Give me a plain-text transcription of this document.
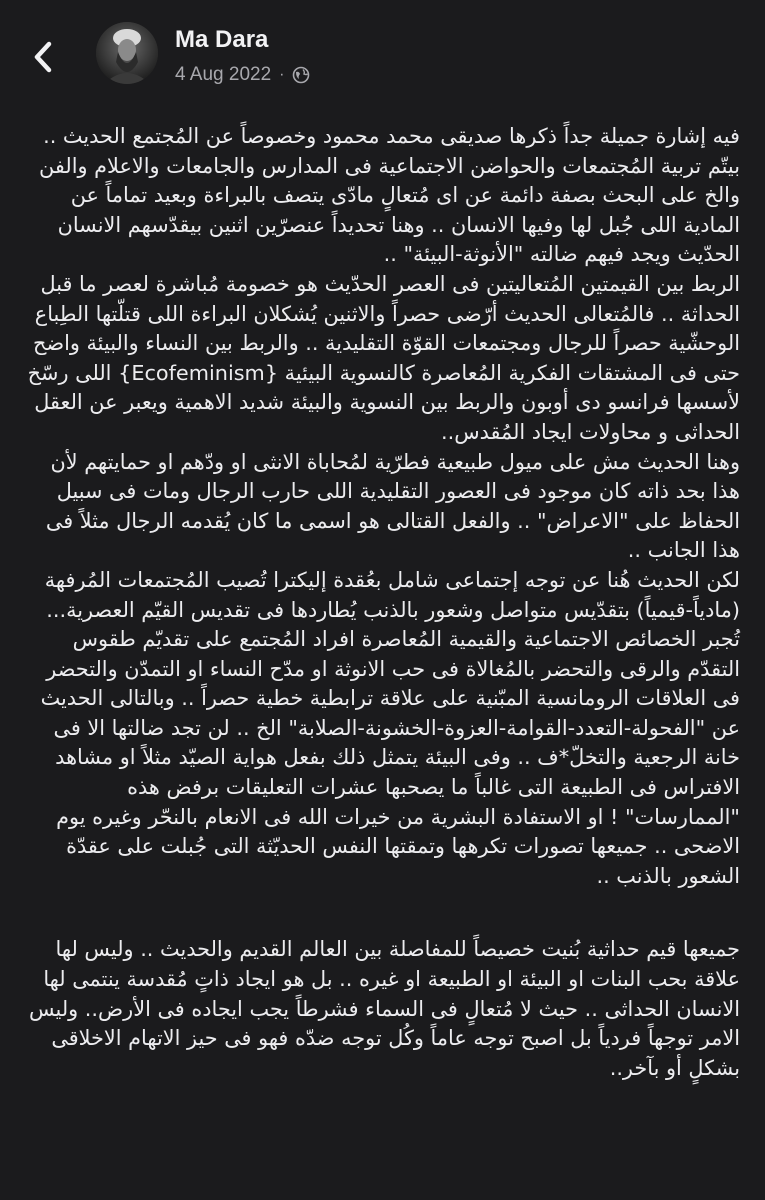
Ma Dara
4 Aug 2022 ·

فيه إشارة جميلة جداً ذكرها صديقى محمد محمود وخصوصاً عن المُجتمع الحديث .. بيتّم تربية المُجتمعات والحواضن الاجتماعية فى المدارس والجامعات والاعلام والفن والخ على البحث بصفة دائمة عن اى مُتعالٍ مادّى يتصف بالبراءة وبعيد تماماً عن المادية اللى جُبل لها وفيها الانسان .. وهنا تحديداً عنصرّين اثنين بيقدّسهم الانسان الحدّيث ويجد فيهم ضالته "الأنوثة-البيئة" ..

الربط بين القيمتين المُتعاليتين فى العصر الحدّيث هو خصومة مُباشرة لعصر ما قبل الحداثة .. فالمُتعالى الحديث أرّضى حصراً والاثنين يُشكلان البراءة اللى قتلّتها الطِباع الوحشّية حصراً للرجال ومجتمعات القوّة التقليدية .. والربط بين النساء والبيئة واضح حتى فى المشتقات الفكرية المُعاصرة كالنسوية البيئية {Ecofeminism} اللى رسّخ لأسسها فرانسو دى أوبون والربط بين النسوية والبيئة شديد الاهمية ويعبر عن العقل الحداثى و محاولات ايجاد المُقدس..

وهنا الحديث مش على ميول طبيعية فطرّية لمُحاباة الانثى او ودّهم او حمايتهم لأن هذا بحد ذاته كان موجود فى العصور التقليدية اللى حارب الرجال ومات فى سبيل الحفاظ على "الاعراض" .. والفعل القتالى هو اسمى ما كان يُقدمه الرجال مثلاً فى هذا الجانب ..

لكن الحديث هُنا عن توجه إجتماعى شامل بعُقدة إليكترا تُصيب المُجتمعات المُرفهة (مادياً-قيمياً) بتقدّيس متواصل وشعور بالذنب يُطاردها فى تقديس القيّم العصرية... تُجبر الخصائص الاجتماعية والقيمية المُعاصرة افراد المُجتمع على تقديّم طقوس التقدّم والرقى والتحضر بالمُغالاة فى حب الانوثة او مدّح النساء او التمدّن والتحضر فى العلاقات الرومانسية المبّنية على علاقة ترابطية خطية حصراً .. وبالتالى الحديث عن "الفحولة-التعدد-القوامة-العزوة-الخشونة-الصلابة" الخ .. لن تجد ضالتها الا فى خانة الرجعية والتخلّ*ف .. وفى البيئة يتمثل ذلك بفعل هواية الصيّد مثلاً او مشاهد الافتراس فى الطبيعة التى غالباً ما يصحبها عشرات التعليقات برفض هذه "الممارسات" ! او الاستفادة البشرية من خيرات الله فى الانعام بالنحّر وغيره يوم الاضحى .. جميعها تصورات تكرهها وتمقتها النفس الحديّثة التى جُبلت على عقدّة الشعور بالذنب ..

جميعها قيم حداثية بُنيت خصيصاً للمفاصلة بين العالم القديم والحديث .. وليس لها علاقة بحب البنات او البيئة او الطبيعة او غيره .. بل هو ايجاد ذاتٍ مُقدسة ينتمى لها الانسان الحداثى .. حيث لا مُتعالٍ فى السماء فشرطاً يجب ايجاده فى الأرض.. وليس الامر توجهاً فردياً بل اصبح توجه عاماً وكُل توجه ضدّه فهو فى حيز الاتهام الاخلاقى بشكلٍ أو بآخر..
